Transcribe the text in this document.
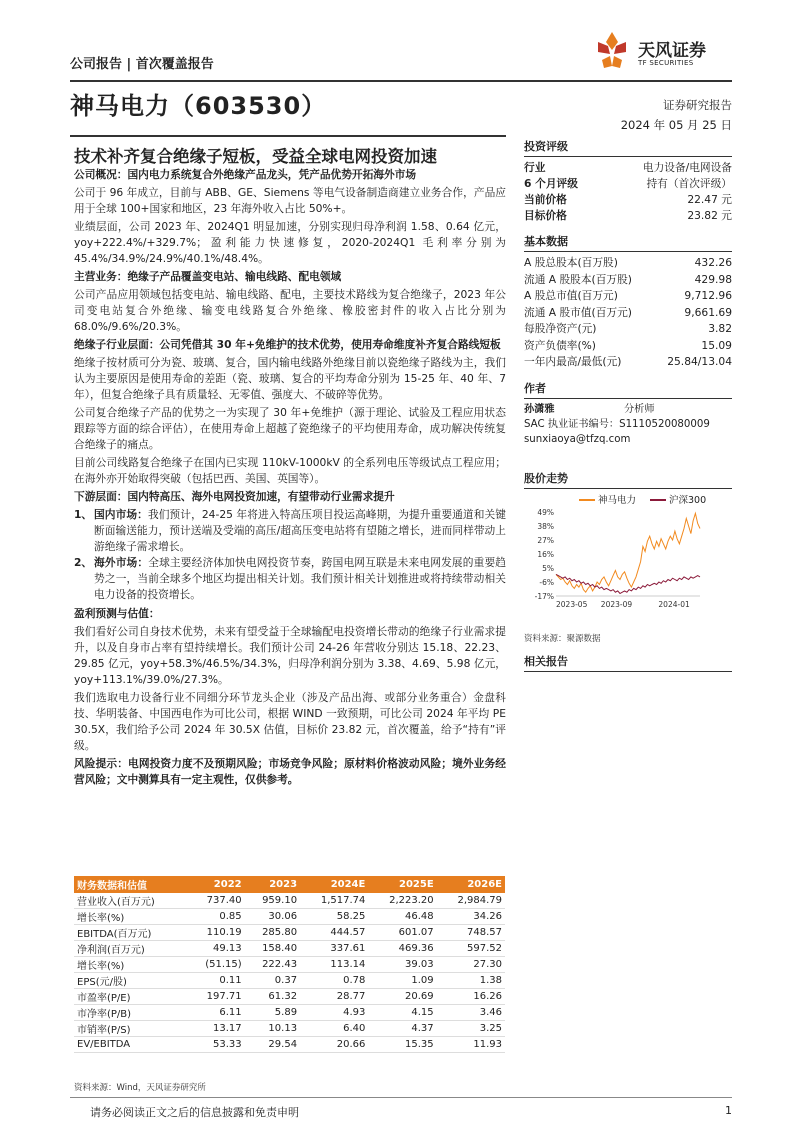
公司报告 | 首次覆盖报告
天风证券
TF SECURITIES
神马电力（603530）	证券研究报告
2024 年 05 月 25 日
技术补齐复合绝缘子短板，受益全球电网投资加速

公司概况：国内电力系统复合外绝缘产品龙头，凭产品优势开拓海外市场

公司于 96 年成立，目前与 ABB、GE、Siemens 等电气设备制造商建立业务合作，产品应用于全球 100+国家和地区，23 年海外收入占比 50%+。

业绩层面，公司 2023 年、2024Q1 明显加速，分别实现归母净利润 1.58、0.64 亿元，yoy+222.4%/+329.7%；盈利能力快速修复，2020-2024Q1 毛利率分别为 45.4%/34.9%/24.9%/40.1%/48.4%。

主营业务：绝缘子产品覆盖变电站、输电线路、配电领域

公司产品应用领域包括变电站、输电线路、配电，主要技术路线为复合绝缘子，2023 年公司变电站复合外绝缘、输变电线路复合外绝缘、橡胶密封件的收入占比分别为 68.0%/9.6%/20.3%。

绝缘子行业层面：公司凭借其 30 年+免维护的技术优势，使用寿命维度补齐复合路线短板

绝缘子按材质可分为瓷、玻璃、复合，国内输电线路外绝缘目前以瓷绝缘子路线为主，我们认为主要原因是使用寿命的差距（瓷、玻璃、复合的平均寿命分别为 15-25 年、40 年、7 年），但复合绝缘子具有质量轻、无零值、强度大、不破碎等优势。

公司复合绝缘子产品的优势之一为实现了 30 年+免维护（源于理论、试验及工程应用状态跟踪等方面的综合评估），在使用寿命上超越了瓷绝缘子的平均使用寿命，成功解决传统复合绝缘子的痛点。

目前公司线路复合绝缘子在国内已实现 110kV-1000kV 的全系列电压等级试点工程应用；在海外亦开始取得突破（包括巴西、美国、英国等）。

下游层面：国内特高压、海外电网投资加速，有望带动行业需求提升

1、 国内市场：我们预计，24-25 年将进入特高压项目投运高峰期，为提升重要通道和关键断面输送能力，预计送端及受端的高压/超高压变电站将有望随之增长，进而同样带动上游绝缘子需求增长。
2、 海外市场：全球主要经济体加快电网投资节奏，跨国电网互联是未来电网发展的重要趋势之一，当前全球多个地区均提出相关计划。我们预计相关计划推进或将持续带动相关电力设备的投资增长。

盈利预测与估值：

我们看好公司自身技术优势，未来有望受益于全球输配电投资增长带动的绝缘子行业需求提升，以及自身市占率有望持续增长。我们预计公司 24-26 年营收分别达 15.18、22.23、29.85 亿元，yoy+58.3%/46.5%/34.3%，归母净利润分别为 3.38、4.69、5.98 亿元，yoy+113.1%/39.0%/27.3%。

我们选取电力设备行业不同细分环节龙头企业（涉及产品出海、或部分业务重合）金盘科技、华明装备、中国西电作为可比公司，根据 WIND 一致预期，可比公司 2024 年平均 PE 30.5X，我们给予公司 2024 年 30.5X 估值，目标价 23.82 元，首次覆盖，给予“持有”评级。

风险提示：电网投资力度不及预期风险；市场竞争风险；原材料价格波动风险；境外业务经营风险；文中测算具有一定主观性，仅供参考。

投资评级
行业	电力设备/电网设备
6 个月评级	持有（首次评级）
当前价格	22.47 元
目标价格	23.82 元
基本数据
A 股总股本(百万股)	432.26
流通 A 股股本(百万股)	429.98
A 股总市值(百万元)	9,712.96
流通 A 股市值(百万元)	9,661.69
每股净资产(元)	3.82
资产负债率(%)	15.09
一年内最高/最低(元)	25.84/13.04
作者
孙潇雅	分析师
SAC 执业证书编号：S1110520080009
sunxiaoya@tfzq.com
股价走势
神马电力	沪深300
49%
38%
27%
16%
5%
-6%
-17%
2023-05 2023-09	2024-01
资料来源：聚源数据
相关报告
财务数据和估值	2022	2023	2024E	2025E	2026E
营业收入(百万元)	737.40	959.10	1,517.74	2,223.20	2,984.79
增长率(%)	0.85	30.06	58.25	46.48	34.26
EBITDA(百万元)	110.19	285.80	444.57	601.07	748.57
净利润(百万元)	49.13	158.40	337.61	469.36	597.52
增长率(%)	(51.15)	222.43	113.14	39.03	27.30
EPS(元/股)	0.11	0.37	0.78	1.09	1.38
市盈率(P/E)	197.71	61.32	28.77	20.69	16.26
市净率(P/B)	6.11	5.89	4.93	4.15	3.46
市销率(P/S)	13.17	10.13	6.40	4.37	3.25
EV/EBITDA	53.33	29.54	20.66	15.35	11.93
资料来源：Wind，天风证券研究所
请务必阅读正文之后的信息披露和免责申明	1
